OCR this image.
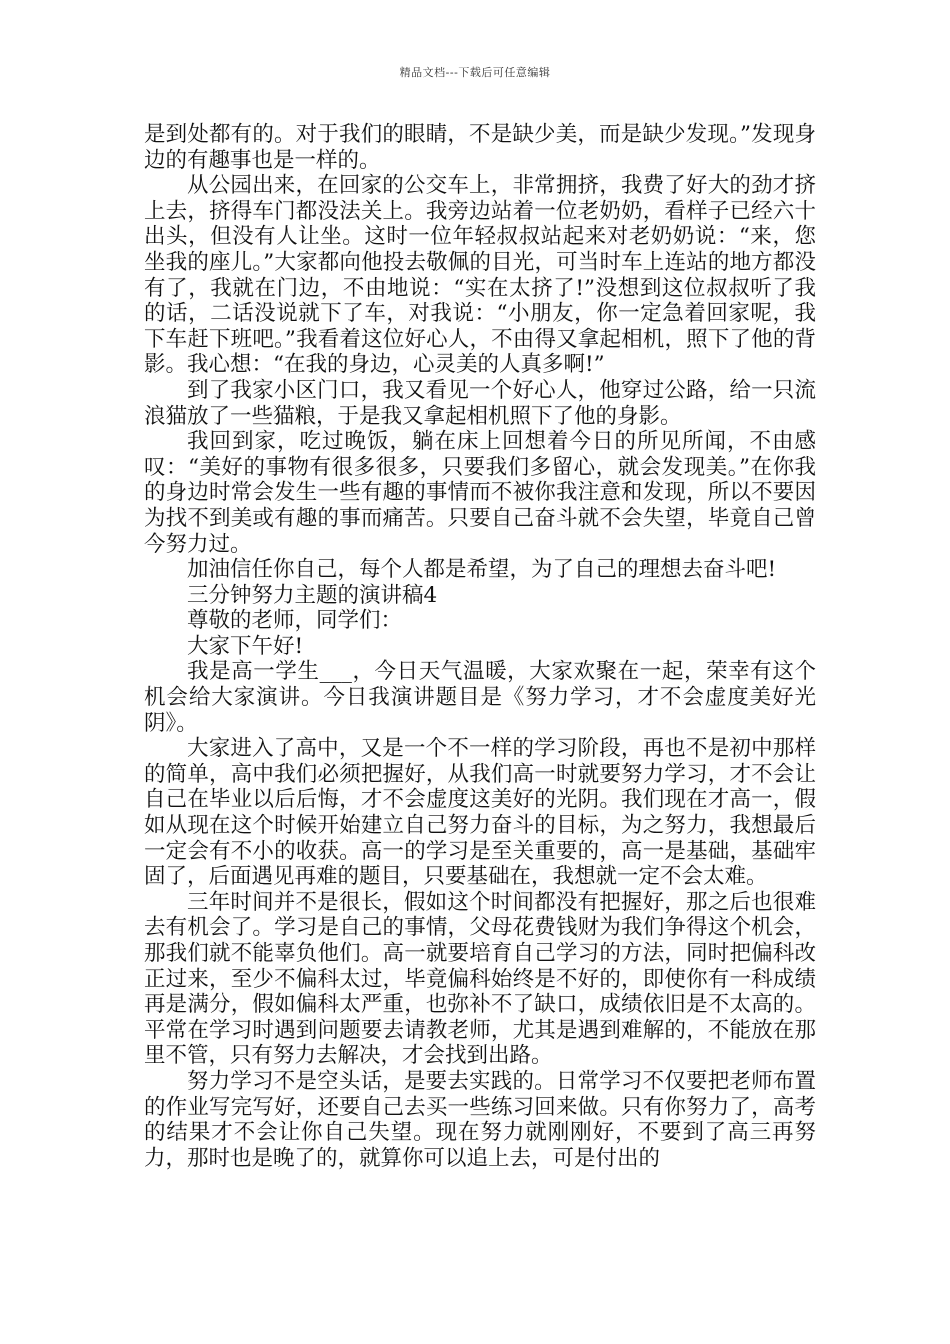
精品文档---下载后可任意编辑

是到处都有的。对于我们的眼睛，不是缺少美，而是缺少发现。”发现身边的有趣事也是一样的。

从公园出来，在回家的公交车上，非常拥挤，我费了好大的劲才挤上去，挤得车门都没法关上。我旁边站着一位老奶奶，看样子已经六十出头，但没有人让坐。这时一位年轻叔叔站起来对老奶奶说：“来，您坐我的座儿。”大家都向他投去敬佩的目光，可当时车上连站的地方都没有了，我就在门边，不由地说：“实在太挤了!”没想到这位叔叔听了我的话，二话没说就下了车，对我说：“小朋友，你一定急着回家呢，我下车赶下班吧。”我看着这位好心人，不由得又拿起相机，照下了他的背影。我心想：“在我的身边，心灵美的人真多啊!”

到了我家小区门口，我又看见一个好心人，他穿过公路，给一只流浪猫放了一些猫粮，于是我又拿起相机照下了他的身影。

我回到家，吃过晚饭，躺在床上回想着今日的所见所闻，不由感叹：“美好的事物有很多很多，只要我们多留心，就会发现美。”在你我的身边时常会发生一些有趣的事情而不被你我注意和发现，所以不要因为找不到美或有趣的事而痛苦。只要自己奋斗就不会失望，毕竟自己曾今努力过。

加油信任你自己，每个人都是希望，为了自己的理想去奋斗吧!

三分钟努力主题的演讲稿4

尊敬的老师，同学们：

大家下午好!

我是高一学生___，今日天气温暖，大家欢聚在一起，荣幸有这个机会给大家演讲。今日我演讲题目是《努力学习，才不会虚度美好光阴》。

大家进入了高中，又是一个不一样的学习阶段，再也不是初中那样的简单，高中我们必须把握好，从我们高一时就要努力学习，才不会让自己在毕业以后后悔，才不会虚度这美好的光阴。我们现在才高一，假如从现在这个时候开始建立自己努力奋斗的目标，为之努力，我想最后一定会有不小的收获。高一的学习是至关重要的，高一是基础，基础牢固了，后面遇见再难的题目，只要基础在，我想就一定不会太难。

三年时间并不是很长，假如这个时间都没有把握好，那之后也很难去有机会了。学习是自己的事情，父母花费钱财为我们争得这个机会，那我们就不能辜负他们。高一就要培育自己学习的方法，同时把偏科改正过来，至少不偏科太过，毕竟偏科始终是不好的，即使你有一科成绩再是满分，假如偏科太严重，也弥补不了缺口，成绩依旧是不太高的。平常在学习时遇到问题要去请教老师，尤其是遇到难解的，不能放在那里不管，只有努力去解决，才会找到出路。

努力学习不是空头话，是要去实践的。日常学习不仅要把老师布置的作业写完写好，还要自己去买一些练习回来做。只有你努力了，高考的结果才不会让你自己失望。现在努力就刚刚好，不要到了高三再努力，那时也是晚了的，就算你可以追上去，可是付出的
